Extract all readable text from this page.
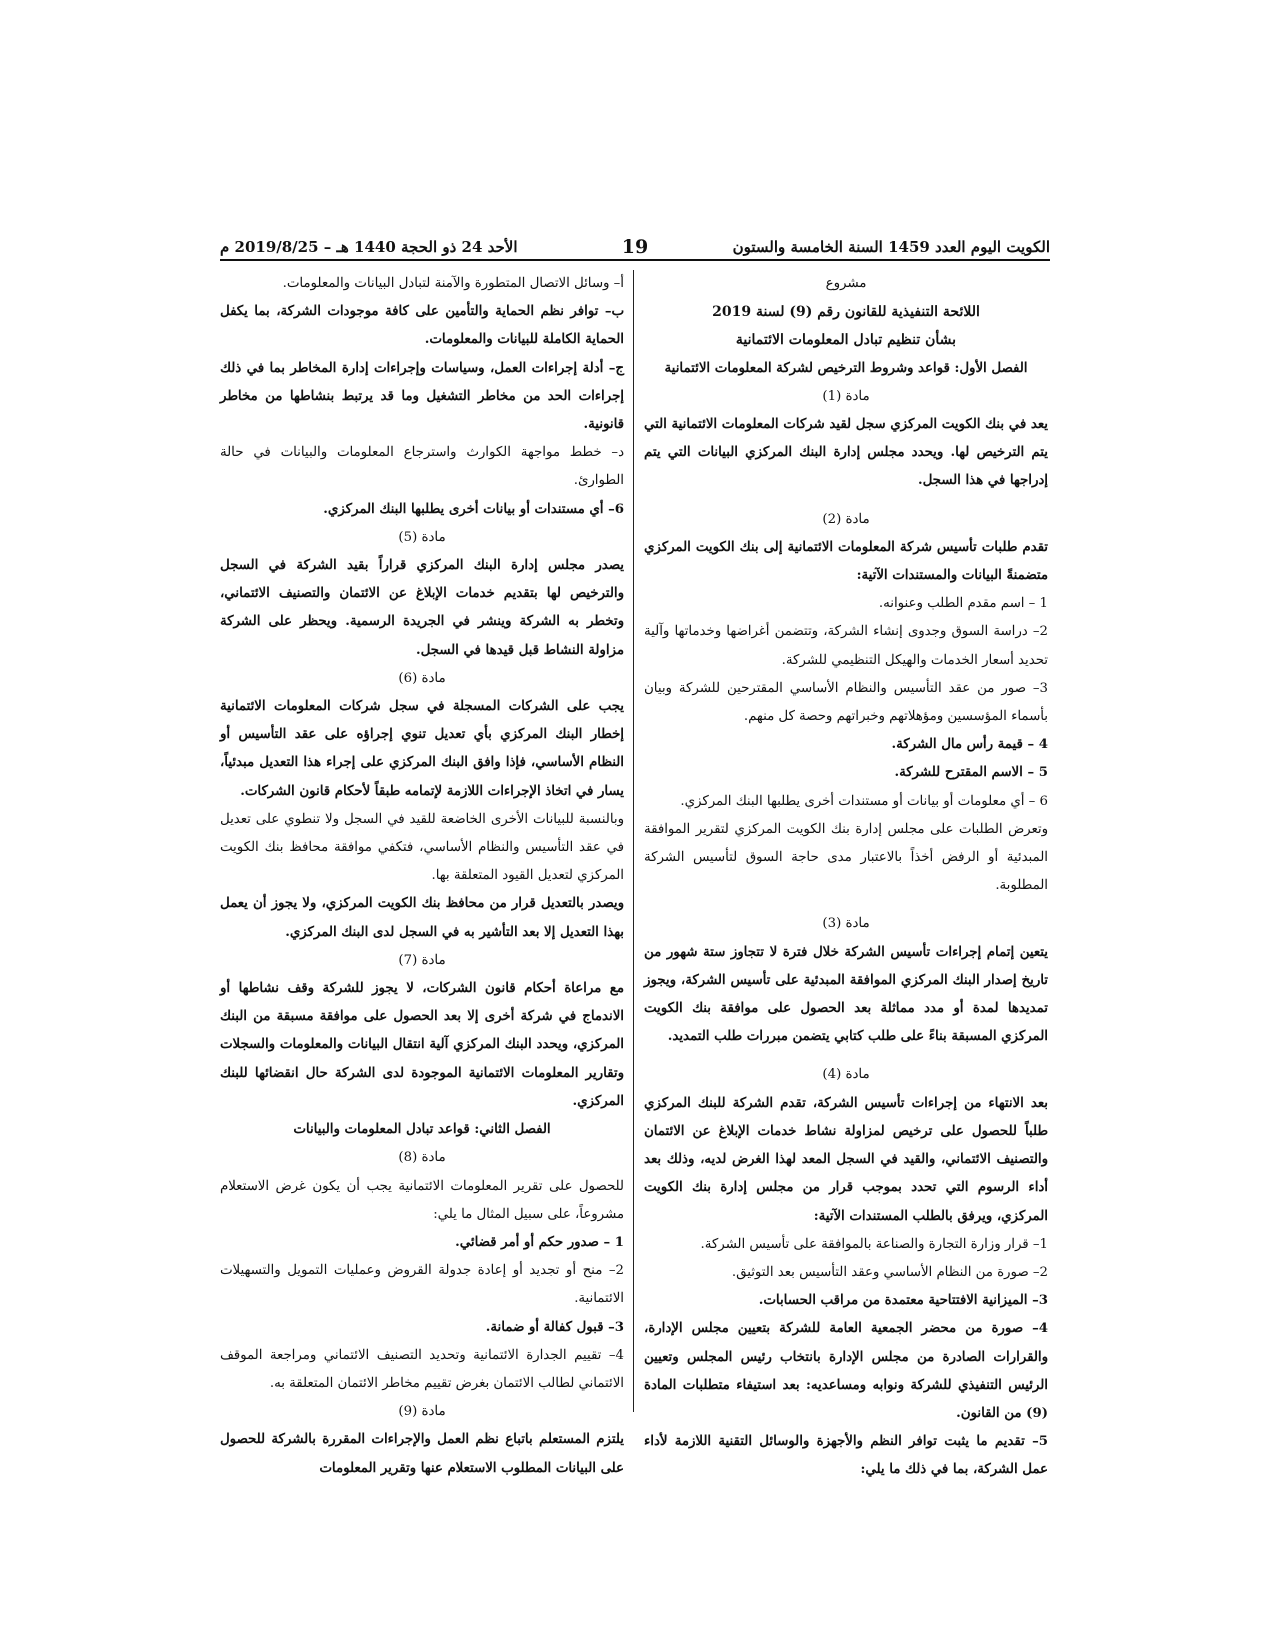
الكويت اليوم العدد 1459 السنة الخامسة والستون
19
الأحد 24 ذو الحجة 1440 هـ – 2019/8/25 م

مشروع

اللائحة التنفيذية للقانون رقم (9) لسنة 2019

بشأن تنظيم تبادل المعلومات الائتمانية

الفصل الأول: قواعد وشروط الترخيص لشركة المعلومات الائتمانية

مادة (1)

يعد في بنك الكويت المركزي سجل لقيد شركات المعلومات الائتمانية التي يتم الترخيص لها. ويحدد مجلس إدارة البنك المركزي البيانات التي يتم إدراجها في هذا السجل.

مادة (2)

تقدم طلبات تأسيس شركة المعلومات الائتمانية إلى بنك الكويت المركزي متضمنةً البيانات والمستندات الآتية:

1 – اسم مقدم الطلب وعنوانه.

2– دراسة السوق وجدوى إنشاء الشركة، وتتضمن أغراضها وخدماتها وآلية تحديد أسعار الخدمات والهيكل التنظيمي للشركة.

3– صور من عقد التأسيس والنظام الأساسي المقترحين للشركة وبيان بأسماء المؤسسين ومؤهلاتهم وخبراتهم وحصة كل منهم.

4 – قيمة رأس مال الشركة.

5 – الاسم المقترح للشركة.

6 – أي معلومات أو بيانات أو مستندات أخرى يطلبها البنك المركزي.

وتعرض الطلبات على مجلس إدارة بنك الكويت المركزي لتقرير الموافقة المبدئية أو الرفض أخذاً بالاعتبار مدى حاجة السوق لتأسيس الشركة المطلوبة.

مادة (3)

يتعين إتمام إجراءات تأسيس الشركة خلال فترة لا تتجاوز ستة شهور من تاريخ إصدار البنك المركزي الموافقة المبدئية على تأسيس الشركة، ويجوز تمديدها لمدة أو مدد مماثلة بعد الحصول على موافقة بنك الكويت المركزي المسبقة بناءً على طلب كتابي يتضمن مبررات طلب التمديد.

مادة (4)

بعد الانتهاء من إجراءات تأسيس الشركة، تقدم الشركة للبنك المركزي طلباً للحصول على ترخيص لمزاولة نشاط خدمات الإبلاغ عن الائتمان والتصنيف الائتماني، والقيد في السجل المعد لهذا الغرض لديه، وذلك بعد أداء الرسوم التي تحدد بموجب قرار من مجلس إدارة بنك الكويت المركزي، ويرفق بالطلب المستندات الآتية:

1– قرار وزارة التجارة والصناعة بالموافقة على تأسيس الشركة.

2– صورة من النظام الأساسي وعقد التأسيس بعد التوثيق.

3– الميزانية الافتتاحية معتمدة من مراقب الحسابات.

4– صورة من محضر الجمعية العامة للشركة بتعيين مجلس الإدارة، والقرارات الصادرة من مجلس الإدارة بانتخاب رئيس المجلس وتعيين الرئيس التنفيذي للشركة ونوابه ومساعديه: بعد استيفاء متطلبات المادة (9) من القانون.

5– تقديم ما يثبت توافر النظم والأجهزة والوسائل التقنية اللازمة لأداء عمل الشركة، بما في ذلك ما يلي:

أ– وسائل الاتصال المتطورة والآمنة لتبادل البيانات والمعلومات.

ب– توافر نظم الحماية والتأمين على كافة موجودات الشركة، بما يكفل الحماية الكاملة للبيانات والمعلومات.

ج– أدلة إجراءات العمل، وسياسات وإجراءات إدارة المخاطر بما في ذلك إجراءات الحد من مخاطر التشغيل وما قد يرتبط بنشاطها من مخاطر قانونية.

د– خطط مواجهة الكوارث واسترجاع المعلومات والبيانات في حالة الطوارئ.

6– أي مستندات أو بيانات أخرى يطلبها البنك المركزي.

مادة (5)

يصدر مجلس إدارة البنك المركزي قراراً بقيد الشركة في السجل والترخيص لها بتقديم خدمات الإبلاغ عن الائتمان والتصنيف الائتماني، وتخطر به الشركة وينشر في الجريدة الرسمية. ويحظر على الشركة مزاولة النشاط قبل قيدها في السجل.

مادة (6)

يجب على الشركات المسجلة في سجل شركات المعلومات الائتمانية إخطار البنك المركزي بأي تعديل تنوي إجراؤه على عقد التأسيس أو النظام الأساسي، فإذا وافق البنك المركزي على إجراء هذا التعديل مبدئياً، يسار في اتخاذ الإجراءات اللازمة لإتمامه طبقاً لأحكام قانون الشركات.

وبالنسبة للبيانات الأخرى الخاضعة للقيد في السجل ولا تنطوي على تعديل في عقد التأسيس والنظام الأساسي، فتكفي موافقة محافظ بنك الكويت المركزي لتعديل القيود المتعلقة بها.

ويصدر بالتعديل قرار من محافظ بنك الكويت المركزي، ولا يجوز أن يعمل بهذا التعديل إلا بعد التأشير به في السجل لدى البنك المركزي.

مادة (7)

مع مراعاة أحكام قانون الشركات، لا يجوز للشركة وقف نشاطها أو الاندماج في شركة أخرى إلا بعد الحصول على موافقة مسبقة من البنك المركزي، ويحدد البنك المركزي آلية انتقال البيانات والمعلومات والسجلات وتقارير المعلومات الائتمانية الموجودة لدى الشركة حال انقضائها للبنك المركزي.

الفصل الثاني: قواعد تبادل المعلومات والبيانات

مادة (8)

للحصول على تقرير المعلومات الائتمانية يجب أن يكون غرض الاستعلام مشروعاً، على سبيل المثال ما يلي:

1 – صدور حكم أو أمر قضائي.

2– منح أو تجديد أو إعادة جدولة القروض وعمليات التمويل والتسهيلات الائتمانية.

3– قبول كفالة أو ضمانة.

4– تقييم الجدارة الائتمانية وتحديد التصنيف الائتماني ومراجعة الموقف الائتماني لطالب الائتمان بغرض تقييم مخاطر الائتمان المتعلقة به.

مادة (9)

يلتزم المستعلم باتباع نظم العمل والإجراءات المقررة بالشركة للحصول على البيانات المطلوب الاستعلام عنها وتقرير المعلومات
